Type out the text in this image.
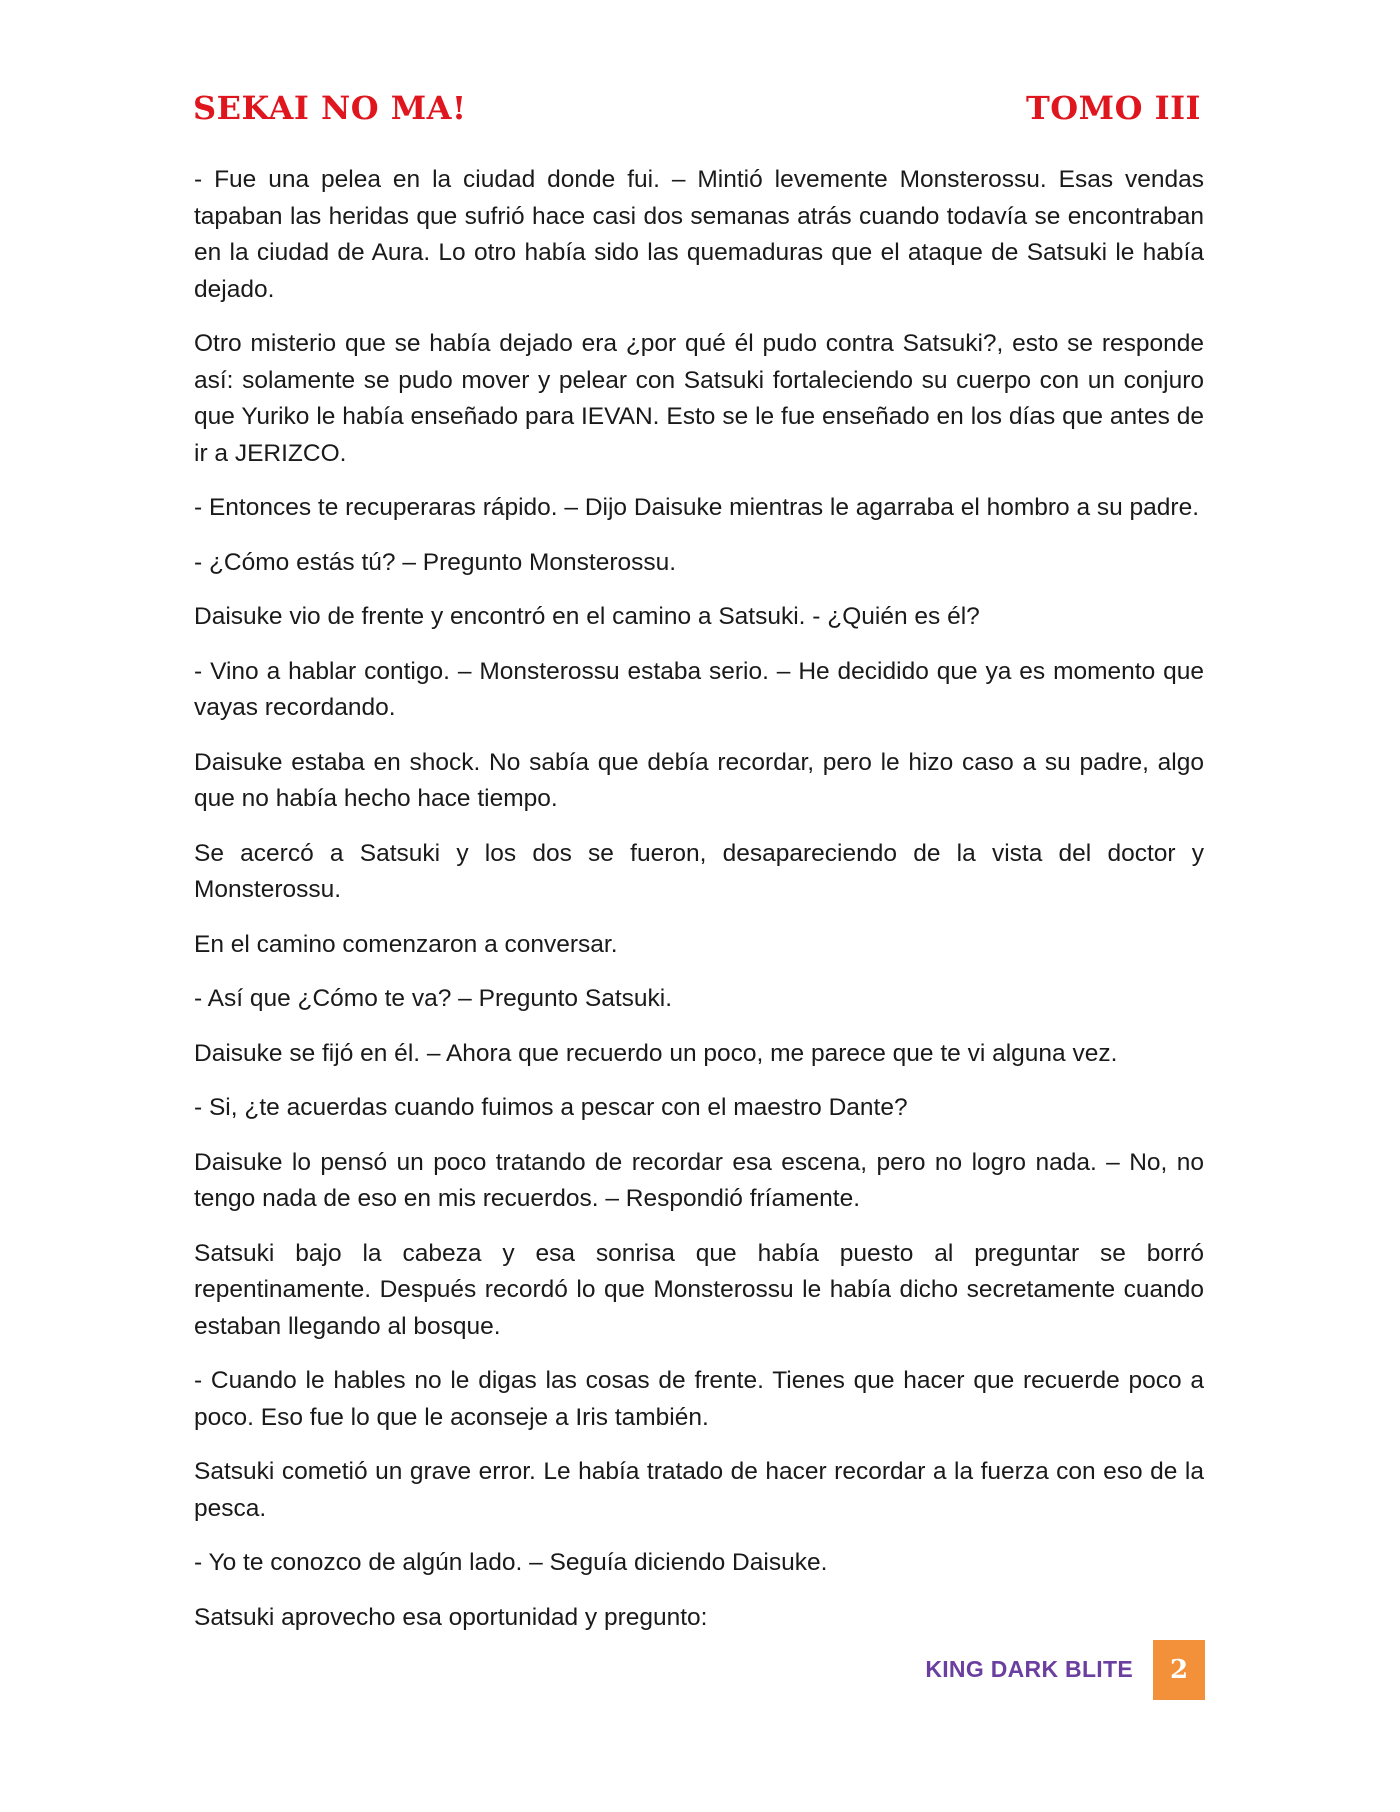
SEKAI NO MA!	TOMO III

- Fue una pelea en la ciudad donde fui. – Mintió levemente Monsterossu. Esas vendas tapaban las heridas que sufrió hace casi dos semanas atrás cuando todavía se encontraban en la ciudad de Aura. Lo otro había sido las quemaduras que el ataque de Satsuki le había dejado.

Otro misterio que se había dejado era ¿por qué él pudo contra Satsuki?, esto se responde así: solamente se pudo mover y pelear con Satsuki fortaleciendo su cuerpo con un conjuro que Yuriko le había enseñado para IEVAN. Esto se le fue enseñado en los días que antes de ir a JERIZCO.

- Entonces te recuperaras rápido. – Dijo Daisuke mientras le agarraba el hombro a su padre.

- ¿Cómo estás tú? – Pregunto Monsterossu.

Daisuke vio de frente y encontró en el camino a Satsuki. - ¿Quién es él?

- Vino a hablar contigo. – Monsterossu estaba serio. – He decidido que ya es momento que vayas recordando.

Daisuke estaba en shock. No sabía que debía recordar, pero le hizo caso a su padre, algo que no había hecho hace tiempo.

Se acercó a Satsuki y los dos se fueron, desapareciendo de la vista del doctor y Monsterossu.

En el camino comenzaron a conversar.

- Así que ¿Cómo te va? – Pregunto Satsuki.

Daisuke se fijó en él. – Ahora que recuerdo un poco, me parece que te vi alguna vez.

- Si, ¿te acuerdas cuando fuimos a pescar con el maestro Dante?

Daisuke lo pensó un poco tratando de recordar esa escena, pero no logro nada. – No, no tengo nada de eso en mis recuerdos. – Respondió fríamente.

Satsuki bajo la cabeza y esa sonrisa que había puesto al preguntar se borró repentinamente. Después recordó lo que Monsterossu le había dicho secretamente cuando estaban llegando al bosque.

- Cuando le hables no le digas las cosas de frente. Tienes que hacer que recuerde poco a poco. Eso fue lo que le aconseje a Iris también.

Satsuki cometió un grave error. Le había tratado de hacer recordar a la fuerza con eso de la pesca.

- Yo te conozco de algún lado. – Seguía diciendo Daisuke.

Satsuki aprovecho esa oportunidad y pregunto:

KING DARK BLITE	2
